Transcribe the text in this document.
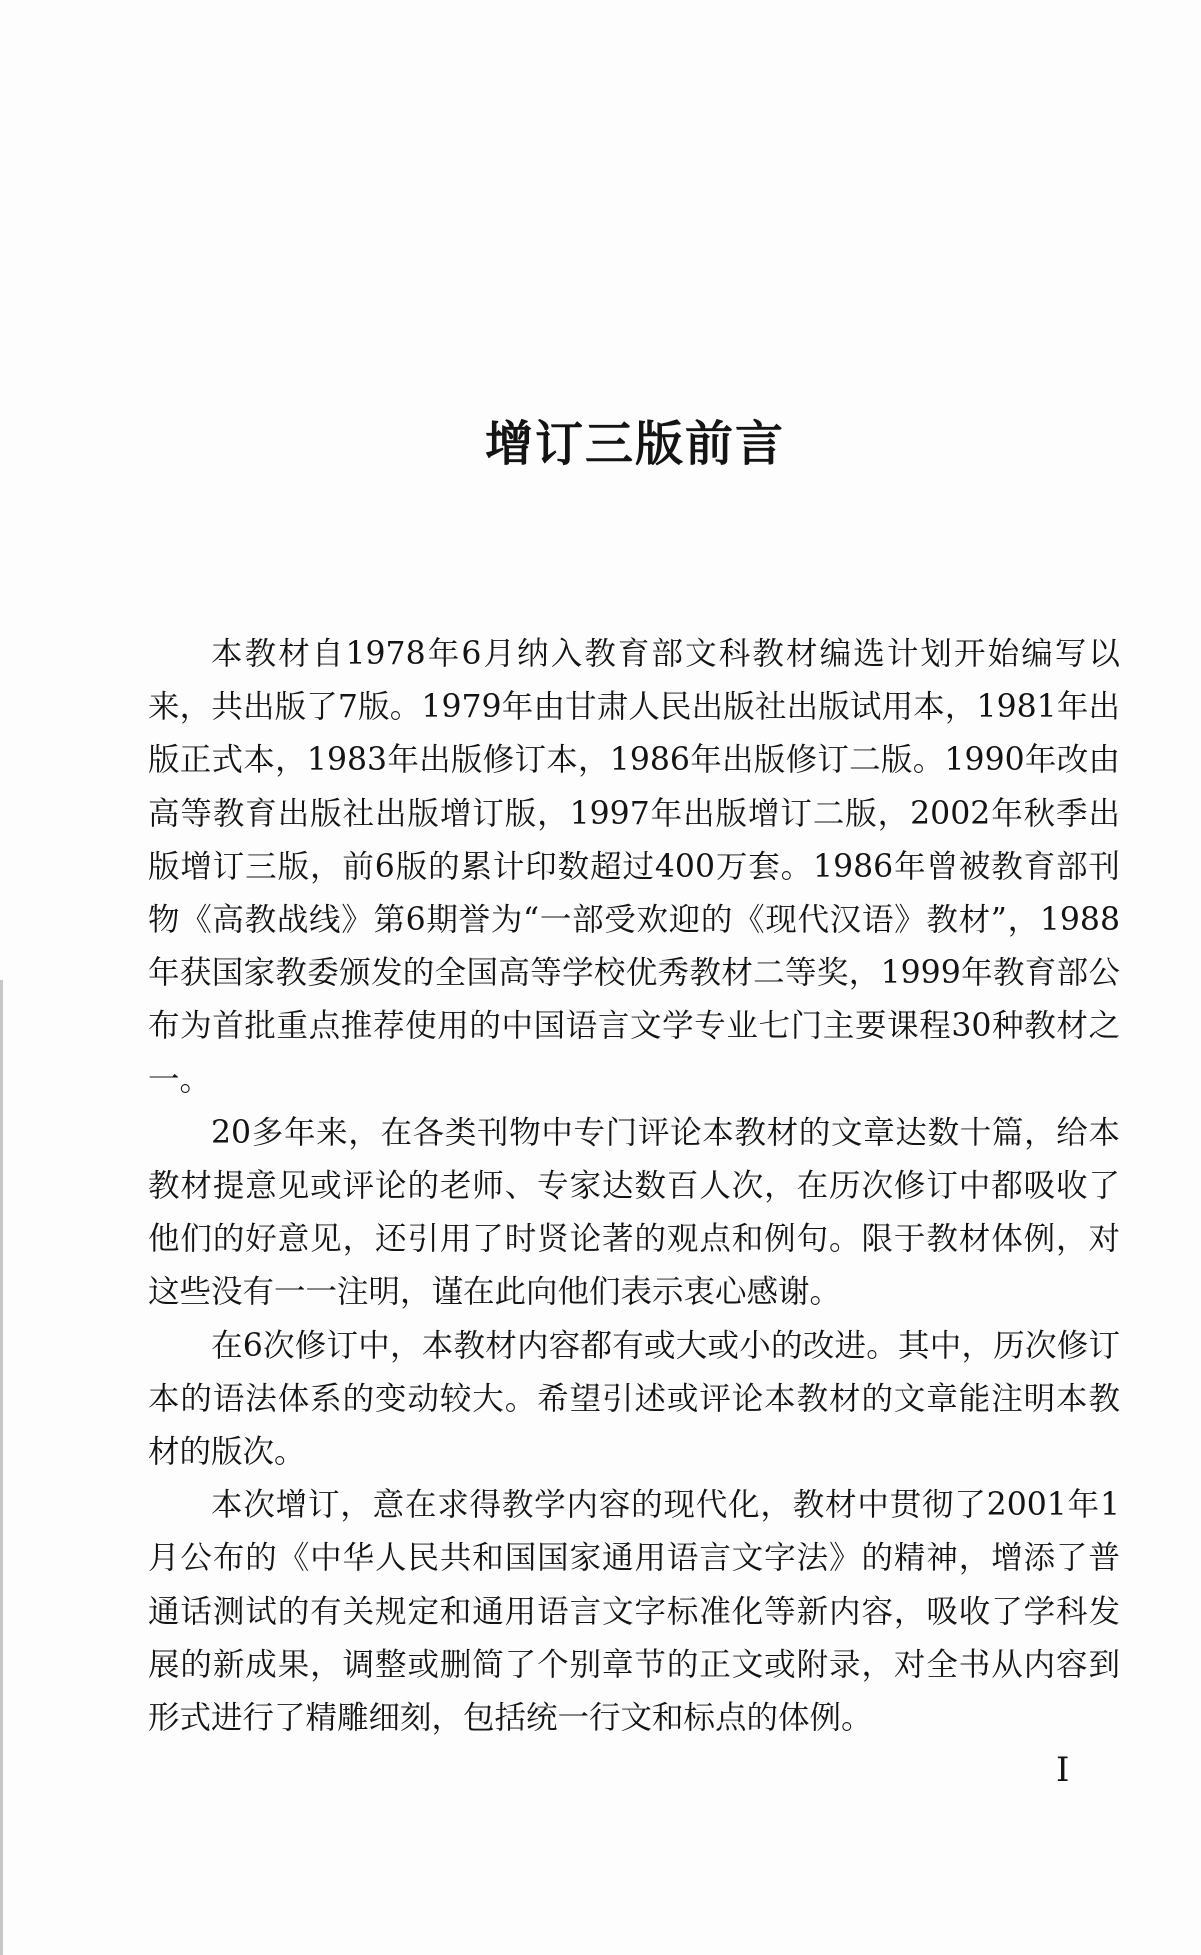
增订三版前言

本教材自1978年6月纳入教育部文科教材编选计划开始编写以来，共出版了7版。1979年由甘肃人民出版社出版试用本，1981年出版正式本，1983年出版修订本，1986年出版修订二版。1990年改由高等教育出版社出版增订版，1997年出版增订二版，2002年秋季出版增订三版，前6版的累计印数超过400万套。1986年曾被教育部刊物《高教战线》第6期誉为“一部受欢迎的《现代汉语》教材”，1988年获国家教委颁发的全国高等学校优秀教材二等奖，1999年教育部公布为首批重点推荐使用的中国语言文学专业七门主要课程30种教材之一。

20多年来，在各类刊物中专门评论本教材的文章达数十篇，给本教材提意见或评论的老师、专家达数百人次，在历次修订中都吸收了他们的好意见，还引用了时贤论著的观点和例句。限于教材体例，对这些没有一一注明，谨在此向他们表示衷心感谢。

在6次修订中，本教材内容都有或大或小的改进。其中，历次修订本的语法体系的变动较大。希望引述或评论本教材的文章能注明本教材的版次。

本次增订，意在求得教学内容的现代化，教材中贯彻了2001年1月公布的《中华人民共和国国家通用语言文字法》的精神，增添了普通话测试的有关规定和通用语言文字标准化等新内容，吸收了学科发展的新成果，调整或删简了个别章节的正文或附录，对全书从内容到形式进行了精雕细刻，包括统一行文和标点的体例。

I
